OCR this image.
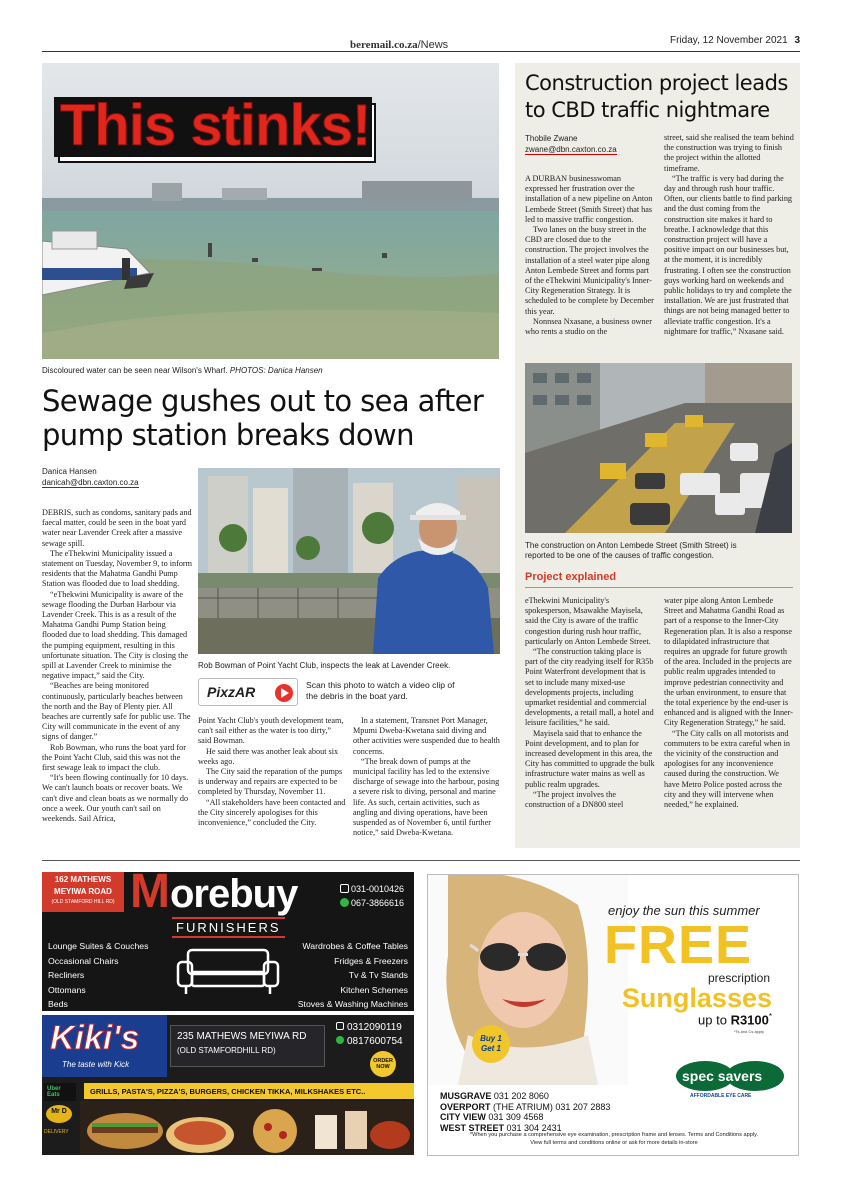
beremail.co.za/News	Friday, 12 November 2021 3
This stinks!
Discoloured water can be seen near Wilson's Wharf. PHOTOS: Danica Hansen
Sewage gushes out to sea after
pump station breaks down
Danica Hansen
danicah@dbn.caxton.co.za

DEBRIS, such as condoms, sanitary pads and faecal matter, could be seen in the boat yard water near Lavender Creek after a massive sewage spill.

The eThekwini Municipality issued a statement on Tuesday, November 9, to inform residents that the Mahatma Gandhi Pump Station was flooded due to load shedding.

“eThekwini Municipality is aware of the sewage flooding the Durban Harbour via Lavender Creek. This is as a result of the Mahatma Gandhi Pump Station being flooded due to load shedding. This damaged the pumping equipment, resulting in this unfortunate situation. The City is closing the spill at Lavender Creek to minimise the negative impact,” said the City.

“Beaches are being monitored continuously, particularly beaches between the north and the Bay of Plenty pier. All beaches are currently safe for public use. The City will communicate in the event of any signs of danger.”

Rob Bowman, who runs the boat yard for the Point Yacht Club, said this was not the first sewage leak to impact the club.

“It's been flowing continually for 10 days. We can't launch boats or recover boats. We can't dive and clean boats as we normally do once a week. Our youth can't sail on weekends. Sail Africa,

Rob Bowman of Point Yacht Club, inspects the leak at Lavender Creek.
PixzAR	Scan this photo to watch a video clip of
the debris in the boat yard.

Point Yacht Club's youth development team, can't sail either as the water is too dirty,” said Bowman.

He said there was another leak about six weeks ago.

The City said the reparation of the pumps is underway and repairs are expected to be completed by Thursday, November 11.

“All stakeholders have been contacted and the City sincerely apologises for this inconvenience,” concluded the City.

In a statement, Transnet Port Manager, Mpumi Dweba-Kwetana said diving and other activities were suspended due to health concerns.

“The break down of pumps at the municipal facility has led to the extensive discharge of sewage into the harbour, posing a severe risk to diving, personal and marine life. As such, certain activities, such as angling and diving operations, have been suspended as of November 6, until further notice,” said Dweba-Kwetana.

Construction project leads
to CBD traffic nightmare
Thobile Zwane
zwane@dbn.caxton.co.za

A DURBAN businesswoman expressed her frustration over the installation of a new pipeline on Anton Lembede Street (Smith Street) that has led to massive traffic congestion.

Two lanes on the busy street in the CBD are closed due to the construction. The project involves the installation of a steel water pipe along Anton Lembede Street and forms part of the eThekwini Municipality's Inner-City Regeneration Strategy. It is scheduled to be complete by December this year.

Nonnsea Nxasane, a business owner who rents a studio on the

street, said she realised the team behind the construction was trying to finish the project within the allotted timeframe.

“The traffic is very bad during the day and through rush hour traffic. Often, our clients battle to find parking and the dust coming from the construction site makes it hard to breathe. I acknowledge that this construction project will have a positive impact on our businesses but, at the moment, it is incredibly frustrating. I often see the construction guys working hard on weekends and public holidays to try and complete the installation. We are just frustrated that things are not being managed better to alleviate traffic congestion. It's a nightmare for traffic,” Nxasane said.

The construction on Anton Lembede Street (Smith Street) is
reported to be one of the causes of traffic congestion.
Project explained

eThekwini Municipality's spokesperson, Msawakhe Mayisela, said the City is aware of the traffic congestion during rush hour traffic, particularly on Anton Lembede Street.

“The construction taking place is part of the city readying itself for R35b Point Waterfront development that is set to include many mixed-use developments projects, including upmarket residential and commercial developments, a retail mall, a hotel and leisure facilities,” he said.

Mayisela said that to enhance the Point development, and to plan for increased development in this area, the City has committed to upgrade the bulk infrastructure water mains as well as public realm upgrades.

“The project involves the construction of a DN800 steel

water pipe along Anton Lembede Street and Mahatma Gandhi Road as part of a response to the Inner-City Regeneration plan. It is also a response to dilapidated infrastructure that requires an upgrade for future growth of the area. Included in the projects are public realm upgrades intended to improve pedestrian connectivity and the urban environment, to ensure that the total experience by the end-user is enhanced and is aligned with the Inner-City Regeneration Strategy,” he said.

“The City calls on all motorists and commuters to be extra careful when in the vicinity of the construction and apologises for any inconvenience caused during the construction. We have Metro Police posted across the city and they will intervene when needed,” he explained.

162 MATHEWS
MEYIWA ROAD
(OLD STAMFORD HILL RD) Morebuy
FURNISHERS
031-0010426
067-3866616
Lounge Suites & Couches
Occasional Chairs
Recliners
Ottomans
Beds
Wardrobes & Coffee Tables
Fridges & Freezers
Tv & Tv Stands
Kitchen Schemes
Stoves & Washing Machines
Kiki's
The taste with Kick
235 MATHEWS MEYIWA RD
(OLD STAMFORDHILL RD)
0312090119
0817600754
ORDER NOW
GRILLS, PASTA'S, PIZZA'S, BURGERS, CHICKEN TIKKA, MILKSHAKES ETC..
Uber Eats
Mr D
DELIVERY
Buy 1
Get 1
enjoy the sun this summer
FREE
prescription
Sunglasses
up to R3100*
*Ts and Cs apply
spec savers
AFFORDABLE EYE CARE
MUSGRAVE 031 202 8060
OVERPORT (THE ATRIUM) 031 207 2883
CITY VIEW 031 309 4568
WEST STREET 031 304 2431
*When you purchase a comprehensive eye examination, prescription frame and lenses. Terms and Conditions apply.
View full terms and conditions online or ask for more details in-store
